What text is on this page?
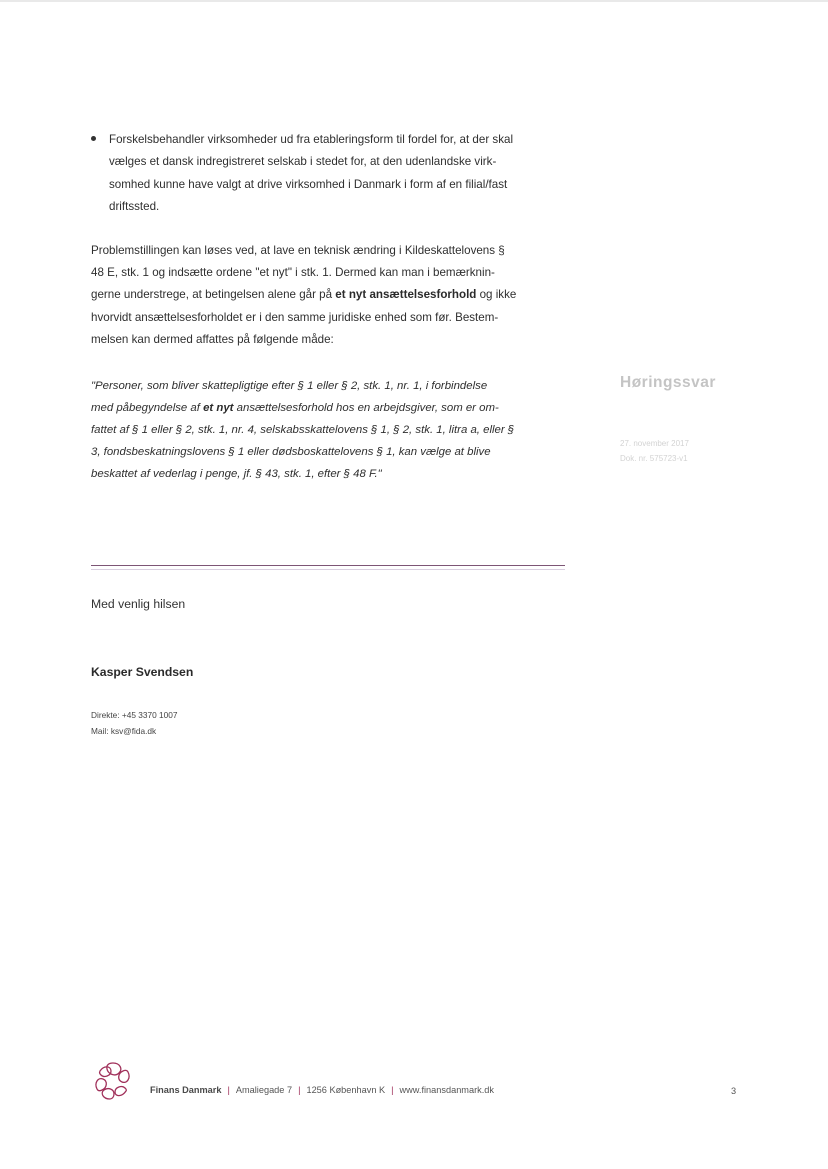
Forskelsbehandler virksomheder ud fra etableringsform til fordel for, at der skal

vælges et dansk indregistreret selskab i stedet for, at den udenlandske virk-

somhed kunne have valgt at drive virksomhed i Danmark i form af en filial/fast

driftssted.

Problemstillingen kan løses ved, at lave en teknisk ændring i Kildeskattelovens §

48 E, stk. 1 og indsætte ordene "et nyt" i stk. 1. Dermed kan man i bemærknin-

gerne understrege, at betingelsen alene går på et nyt ansættelsesforhold og ikke

hvorvidt ansættelsesforholdet er i den samme juridiske enhed som før. Bestem-

melsen kan dermed affattes på følgende måde:

"Personer, som bliver skattepligtige efter § 1 eller § 2, stk. 1, nr. 1, i forbindelse
med påbegyndelse af et nyt ansættelsesforhold hos en arbejdsgiver, som er om-
fattet af § 1 eller § 2, stk. 1, nr. 4, selskabsskattelovens § 1, § 2, stk. 1, litra a, eller §
3, fondsbeskatningslovens § 1 eller dødsboskattelovens § 1, kan vælge at blive
beskattet af vederlag i penge, jf. § 43, stk. 1, efter § 48 F."

Høringssvar

27. november 2017
Dok. nr. 575723-v1

Med venlig hilsen

Kasper Svendsen

Direkte: +45 3370 1007
Mail: ksv@fida.dk
Finans Danmark | Amaliegade 7 | 1256 København K | www.finansdanmark.dk	3
